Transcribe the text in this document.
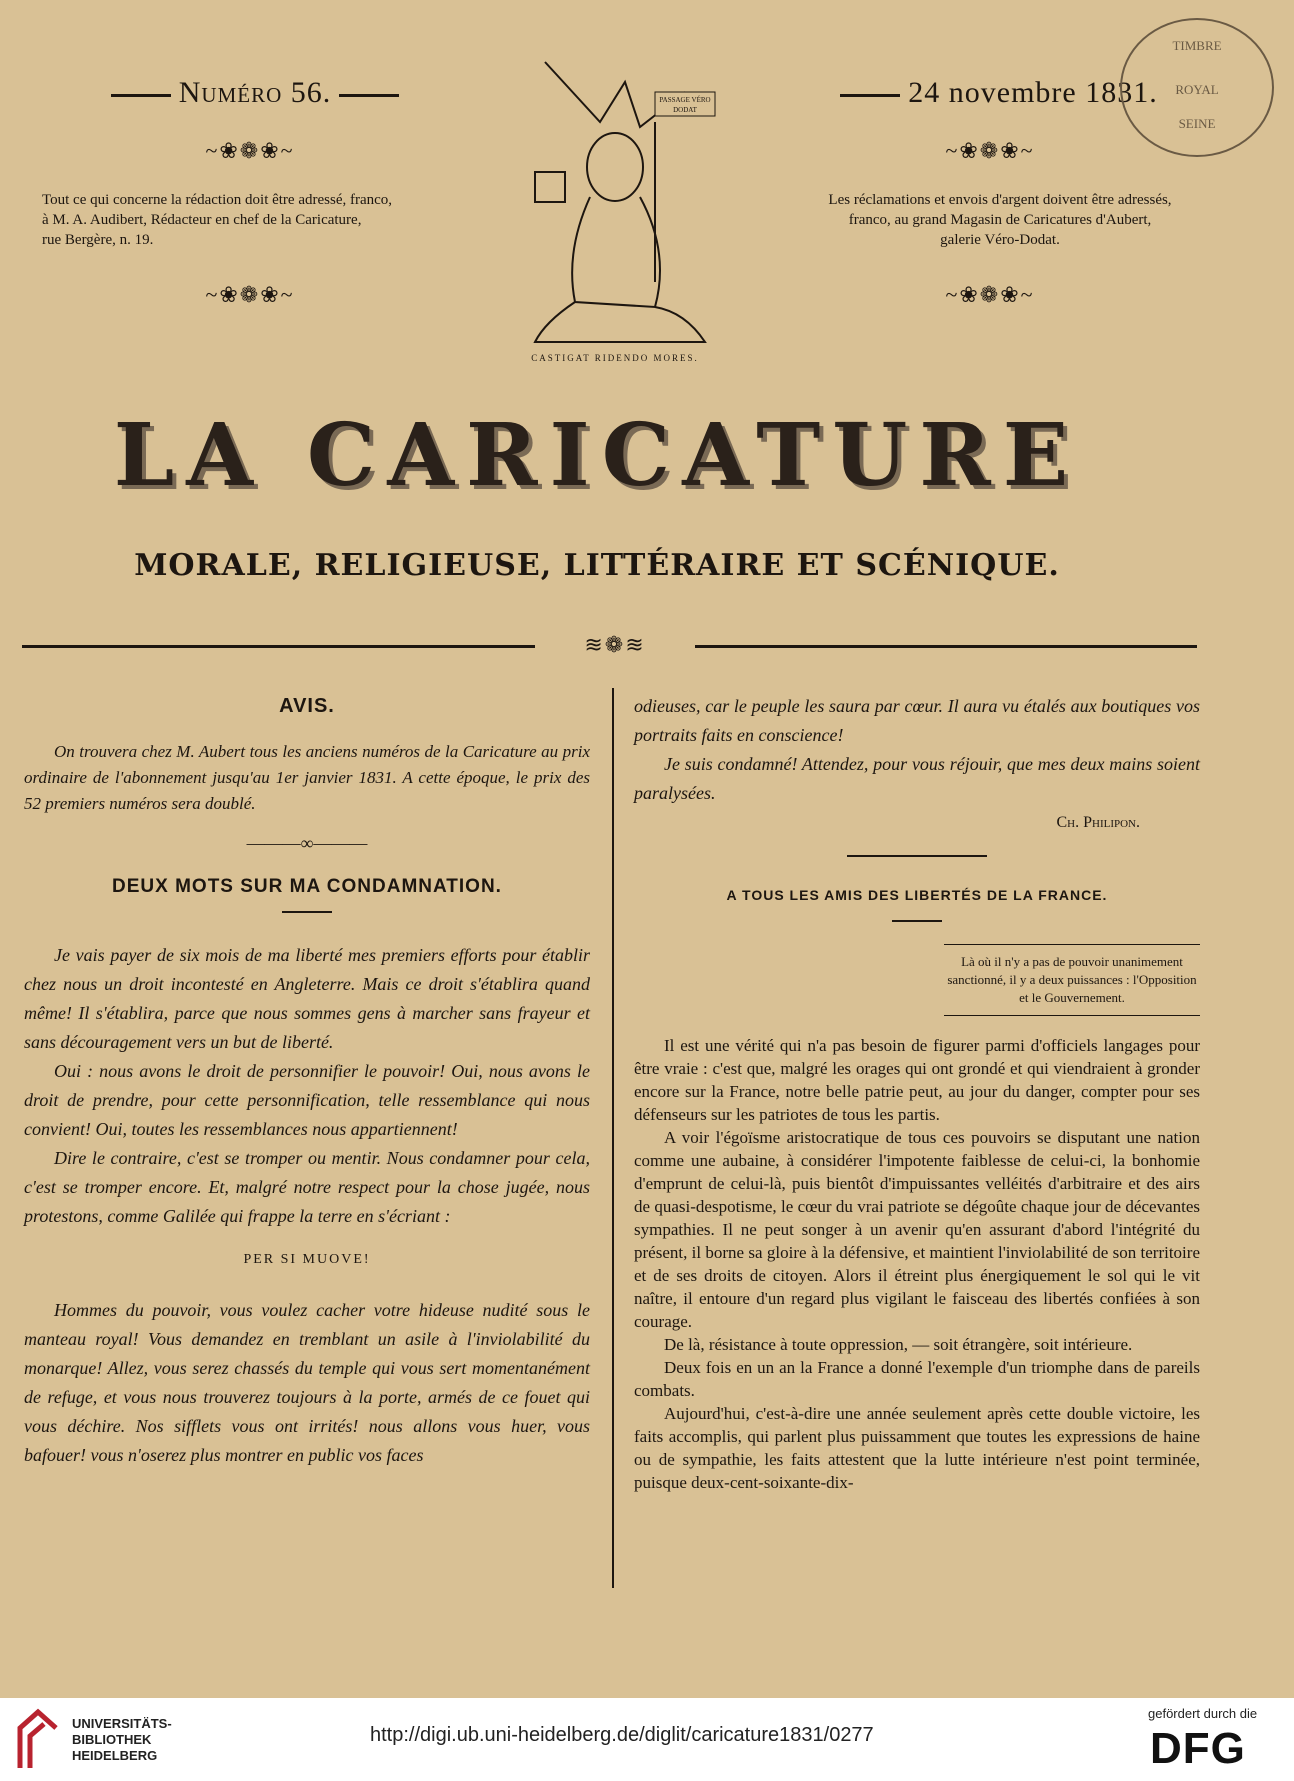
Numéro 56.
~❀❁❀~
Tout ce qui concerne la rédaction doit être adressé, franco,
à M. A. Audibert, Rédacteur en chef de la Caricature,
rue Bergère, n. 19.
~❀❁❀~
PASSAGE VÉRO
DODAT
CASTIGAT RIDENDO MORES.
24 novembre 1831.
~❀❁❀~
Les réclamations et envois d'argent doivent être adressés,
franco, au grand Magasin de Caricatures d'Aubert,
galerie Véro-Dodat.
~❀❁❀~
TIMBRE
ROYAL
SEINE
LA CARICATURE
MORALE, RELIGIEUSE, LITTÉRAIRE ET SCÉNIQUE.
≋❁≋
AVIS.

On trouvera chez M. Aubert tous les anciens numéros de la Caricature au prix ordinaire de l'abonnement jusqu'au 1er janvier 1831. A cette époque, le prix des 52 premiers numéros sera doublé.

———∞———
DEUX MOTS SUR MA CONDAMNATION.

Je vais payer de six mois de ma liberté mes premiers efforts pour établir chez nous un droit incontesté en Angleterre. Mais ce droit s'établira quand même! Il s'établira, parce que nous sommes gens à marcher sans frayeur et sans découragement vers un but de liberté.

Oui : nous avons le droit de personnifier le pouvoir! Oui, nous avons le droit de prendre, pour cette personnification, telle ressemblance qui nous convient! Oui, toutes les ressemblances nous appartiennent!

Dire le contraire, c'est se tromper ou mentir. Nous condamner pour cela, c'est se tromper encore. Et, malgré notre respect pour la chose jugée, nous protestons, comme Galilée qui frappe la terre en s'écriant :

PER SI MUOVE!

Hommes du pouvoir, vous voulez cacher votre hideuse nudité sous le manteau royal! Vous demandez en tremblant un asile à l'inviolabilité du monarque! Allez, vous serez chassés du temple qui vous sert momentanément de refuge, et vous nous trouverez toujours à la porte, armés de ce fouet qui vous déchire. Nos sifflets vous ont irrités! nous allons vous huer, vous bafouer! vous n'oserez plus montrer en public vos faces

odieuses, car le peuple les saura par cœur. Il aura vu étalés aux boutiques vos portraits faits en conscience!

Je suis condamné! Attendez, pour vous réjouir, que mes deux mains soient paralysées.

Ch. Philipon.
A TOUS LES AMIS DES LIBERTÉS DE LA FRANCE.
Là où il n'y a pas de pouvoir unanimement sanctionné, il y a deux puissances : l'Opposition et le Gouvernement.

Il est une vérité qui n'a pas besoin de figurer parmi d'officiels langages pour être vraie : c'est que, malgré les orages qui ont grondé et qui viendraient à gronder encore sur la France, notre belle patrie peut, au jour du danger, compter pour ses défenseurs sur les patriotes de tous les partis.

A voir l'égoïsme aristocratique de tous ces pouvoirs se disputant une nation comme une aubaine, à considérer l'impotente faiblesse de celui-ci, la bonhomie d'emprunt de celui-là, puis bientôt d'impuissantes velléités d'arbitraire et des airs de quasi-despotisme, le cœur du vrai patriote se dégoûte chaque jour de décevantes sympathies. Il ne peut songer à un avenir qu'en assurant d'abord l'intégrité du présent, il borne sa gloire à la défensive, et maintient l'inviolabilité de son territoire et de ses droits de citoyen. Alors il étreint plus énergiquement le sol qui le vit naître, il entoure d'un regard plus vigilant le faisceau des libertés confiées à son courage.

De là, résistance à toute oppression, — soit étrangère, soit intérieure.

Deux fois en un an la France a donné l'exemple d'un triomphe dans de pareils combats.

Aujourd'hui, c'est-à-dire une année seulement après cette double victoire, les faits accomplis, qui parlent plus puissamment que toutes les expressions de haine ou de sympathie, les faits attestent que la lutte intérieure n'est point terminée, puisque deux-cent-soixante-dix-

UNIVERSITÄTS-
BIBLIOTHEK
HEIDELBERG
http://digi.ub.uni-heidelberg.de/diglit/caricature1831/0277
gefördert durch die
DFG
